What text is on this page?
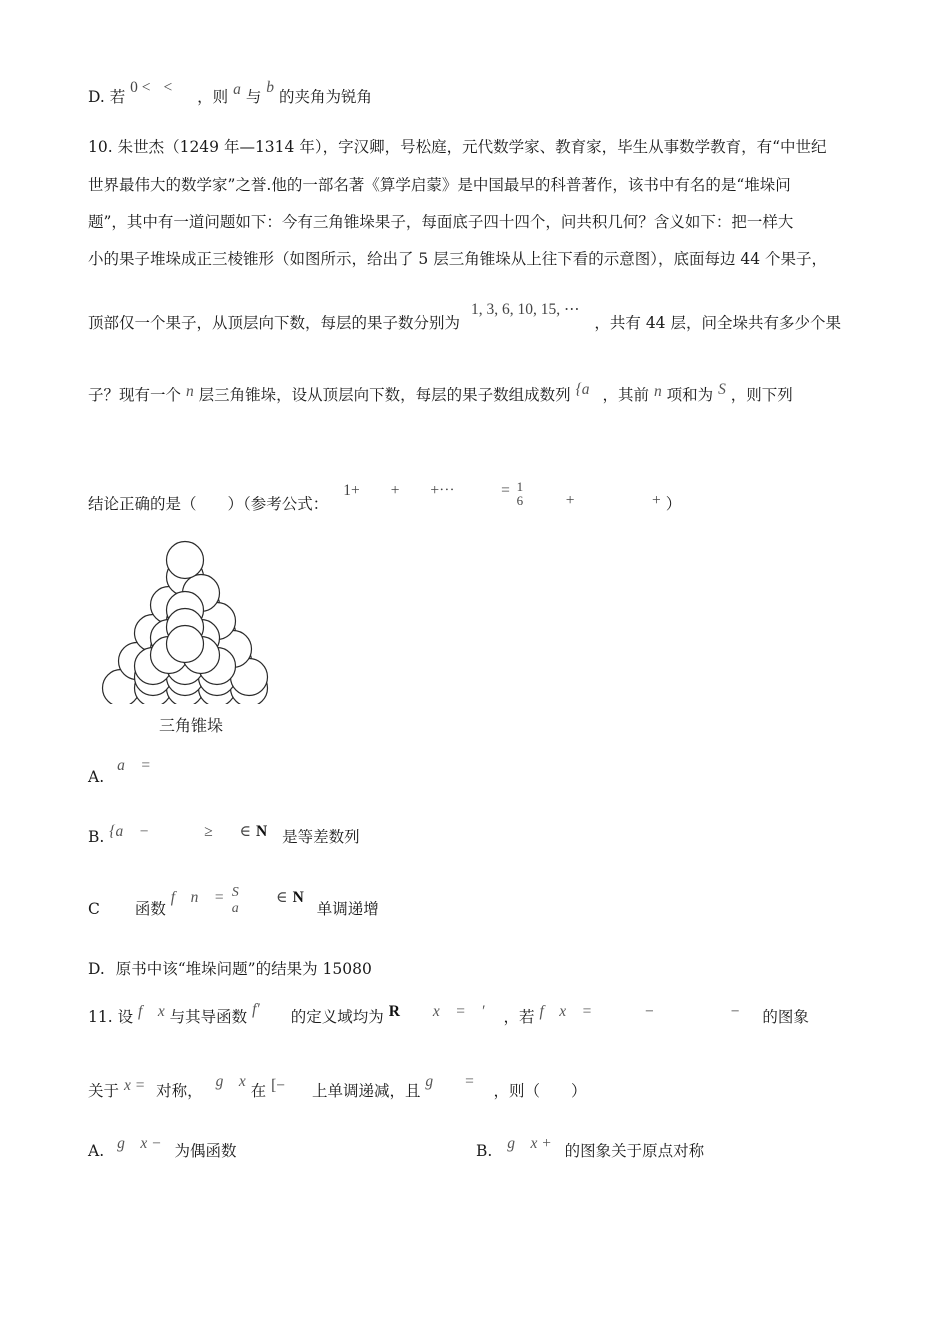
D. 若 0 < < ，则 a 与 b 的夹角为锐角
10. 朱世杰（1249 年—1314 年），字汉卿，号松庭，元代数学家、教育家，毕生从事数学教育，有“中世纪
世界最伟大的数学家”之誉.他的一部名著《算学启蒙》是中国最早的科普著作，该书中有名的是“堆垛问
题”，其中有一道问题如下：今有三角锥垛果子，每面底子四十四个，问共积几何？含义如下：把一样大
小的果子堆垛成正三棱锥形（如图所示，给出了 5 层三角锥垛从上往下看的示意图），底面每边 44 个果子，
顶部仅一个果子，从顶层向下数，每层的果子数分别为 1, 3, 6, 10, 15, ⋯ ，共有 44 层，问全垛共有多少个果
子？现有一个 n 层三角锥垛，设从顶层向下数，每层的果子数组成数列 {a ，其前 n 项和为 S ，则下列
结论正确的是（　　）（参考公式： 1+　　+　　+⋯　　　= 1
6	+　　　　　+ ）
三角锥垛
A. a　=
B. {a　−	≥ ∈ N 是等差数列
C 函数 f　n　= S
a
∈ N 单调递增
D. 原书中该“堆垛问题”的结果为 15080
11. 设 f　x 与其导函数 f′ 的定义域均为 R x　=　′ ，若 f　x　=	−	− 的图象
关于 x = 对称， g　x 在 [− 上单调递减，且 g　　= ，则（　　）
A. g　x − 为偶函数	B. g　x + 的图象关于原点对称
